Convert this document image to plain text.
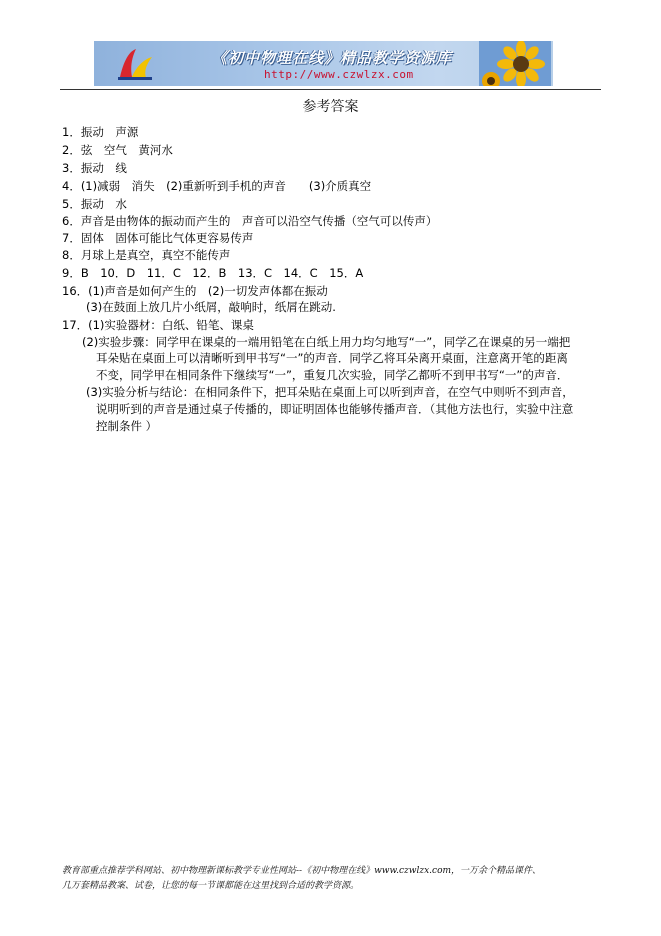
《初中物理在线》精品教学资源库
http://www.czwlzx.com
参考答案
1．振动　声源
2．弦　空气　黄河水
3．振动　线
4．(1)减弱　消失　(2)重新听到手机的声音　　(3)介质真空
5．振动　水
6．声音是由物体的振动而产生的　声音可以沿空气传播（空气可以传声）
7．固体　固体可能比气体更容易传声
8．月球上是真空，真空不能传声
9．B　10．D　11．C　12．B　13．C　14．C　15．A
16．(1)声音是如何产生的　(2)一切发声体都在振动
(3)在鼓面上放几片小纸屑，敲响时，纸屑在跳动.
17．(1)实验器材：白纸、铅笔、课桌
(2)实验步骤：同学甲在课桌的一端用铅笔在白纸上用力均匀地写“一”，同学乙在课桌的另一端把
耳朵贴在桌面上可以清晰听到甲书写“一”的声音．同学乙将耳朵离开桌面，注意离开笔的距离
不变，同学甲在相同条件下继续写“一”，重复几次实验，同学乙都听不到甲书写“一”的声音．
(3)实验分析与结论：在相同条件下，把耳朵贴在桌面上可以听到声音，在空气中则听不到声音，
说明听到的声音是通过桌子传播的，即证明固体也能够传播声音．（其他方法也行，实验中注意
控制条件 ）
教育部重点推荐学科网站、初中物理新课标教学专业性网站--《初中物理在线》www.czwlzx.com，一万余个精品课件、
几万套精品教案、试卷，让您的每一节课都能在这里找到合适的教学资源。
